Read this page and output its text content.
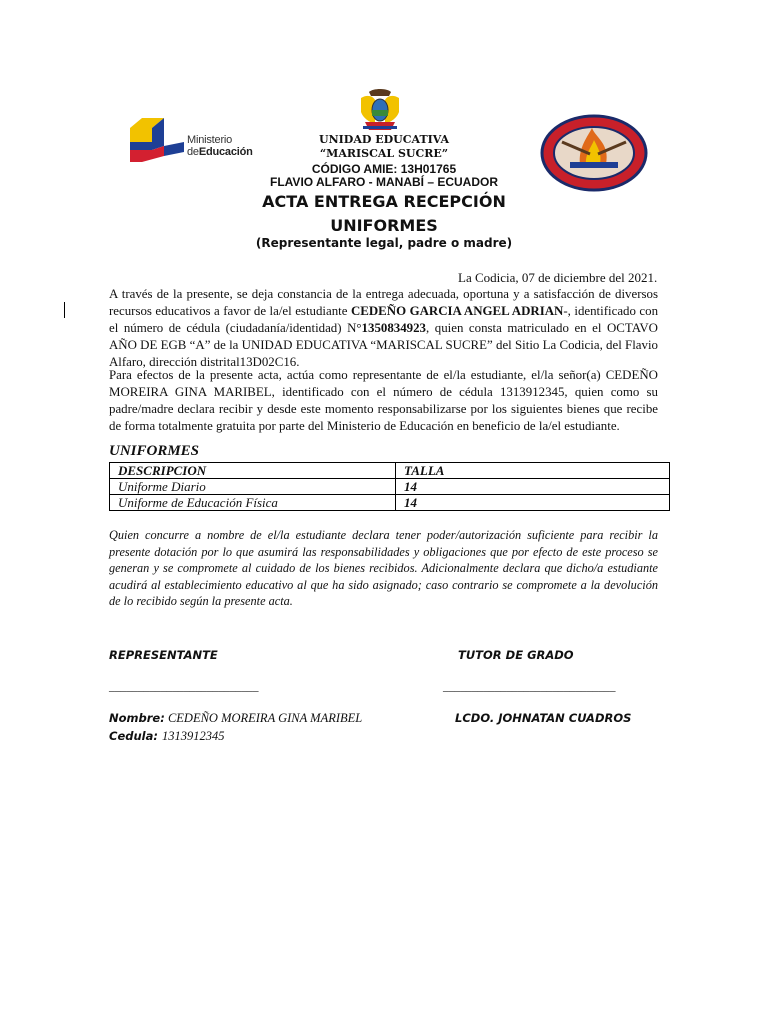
Ministerio
deEducación
UNIDAD EDUCATIVA
“MARISCAL SUCRE”
CÓDIGO AMIE: 13H01765
FLAVIO ALFARO - MANABÍ – ECUADOR
ACTA ENTREGA RECEPCIÓN
UNIFORMES
(Representante legal, padre o madre)
La Codicia, 07 de diciembre del 2021.
A través de la presente, se deja constancia de la entrega adecuada, oportuna y a satisfacción de diversos recursos educativos a favor de la/el estudiante CEDEÑO GARCIA ANGEL ADRIAN-, identificado con el número de cédula (ciudadanía/identidad) N°1350834923, quien consta matriculado en el OCTAVO AÑO DE EGB “A” de la UNIDAD EDUCATIVA “MARISCAL SUCRE” del Sitio La Codicia, del Flavio Alfaro, dirección distrital13D02C16.
Para efectos de la presente acta, actúa como representante de el/la estudiante, el/la señor(a) CEDEÑO MOREIRA GINA MARIBEL, identificado con el número de cédula 1313912345, quien como su padre/madre declara recibir y desde este momento responsabilizarse por los siguientes bienes que recibe de forma totalmente gratuita por parte del Ministerio de Educación en beneficio de la/el estudiante.
UNIFORMES
DESCRIPCION	TALLA
Uniforme Diario	14
Uniforme de Educación Física	14
Quien concurre a nombre de el/la estudiante declara tener poder/autorización suficiente para recibir la presente dotación por lo que asumirá las responsabilidades y obligaciones que por efecto de este proceso se generan y se compromete al cuidado de los bienes recibidos. Adicionalmente declara que dicho/a estudiante acudirá al establecimiento educativo al que ha sido asignado; caso contrario se compromete a la devolución de lo recibido según la presente acta.
REPRESENTANTE	TUTOR DE GRADO
__________________________	______________________________
Nombre: CEDEÑO MOREIRA GINA MARIBEL	LCDO. JOHNATAN CUADROS
Cedula: 1313912345
